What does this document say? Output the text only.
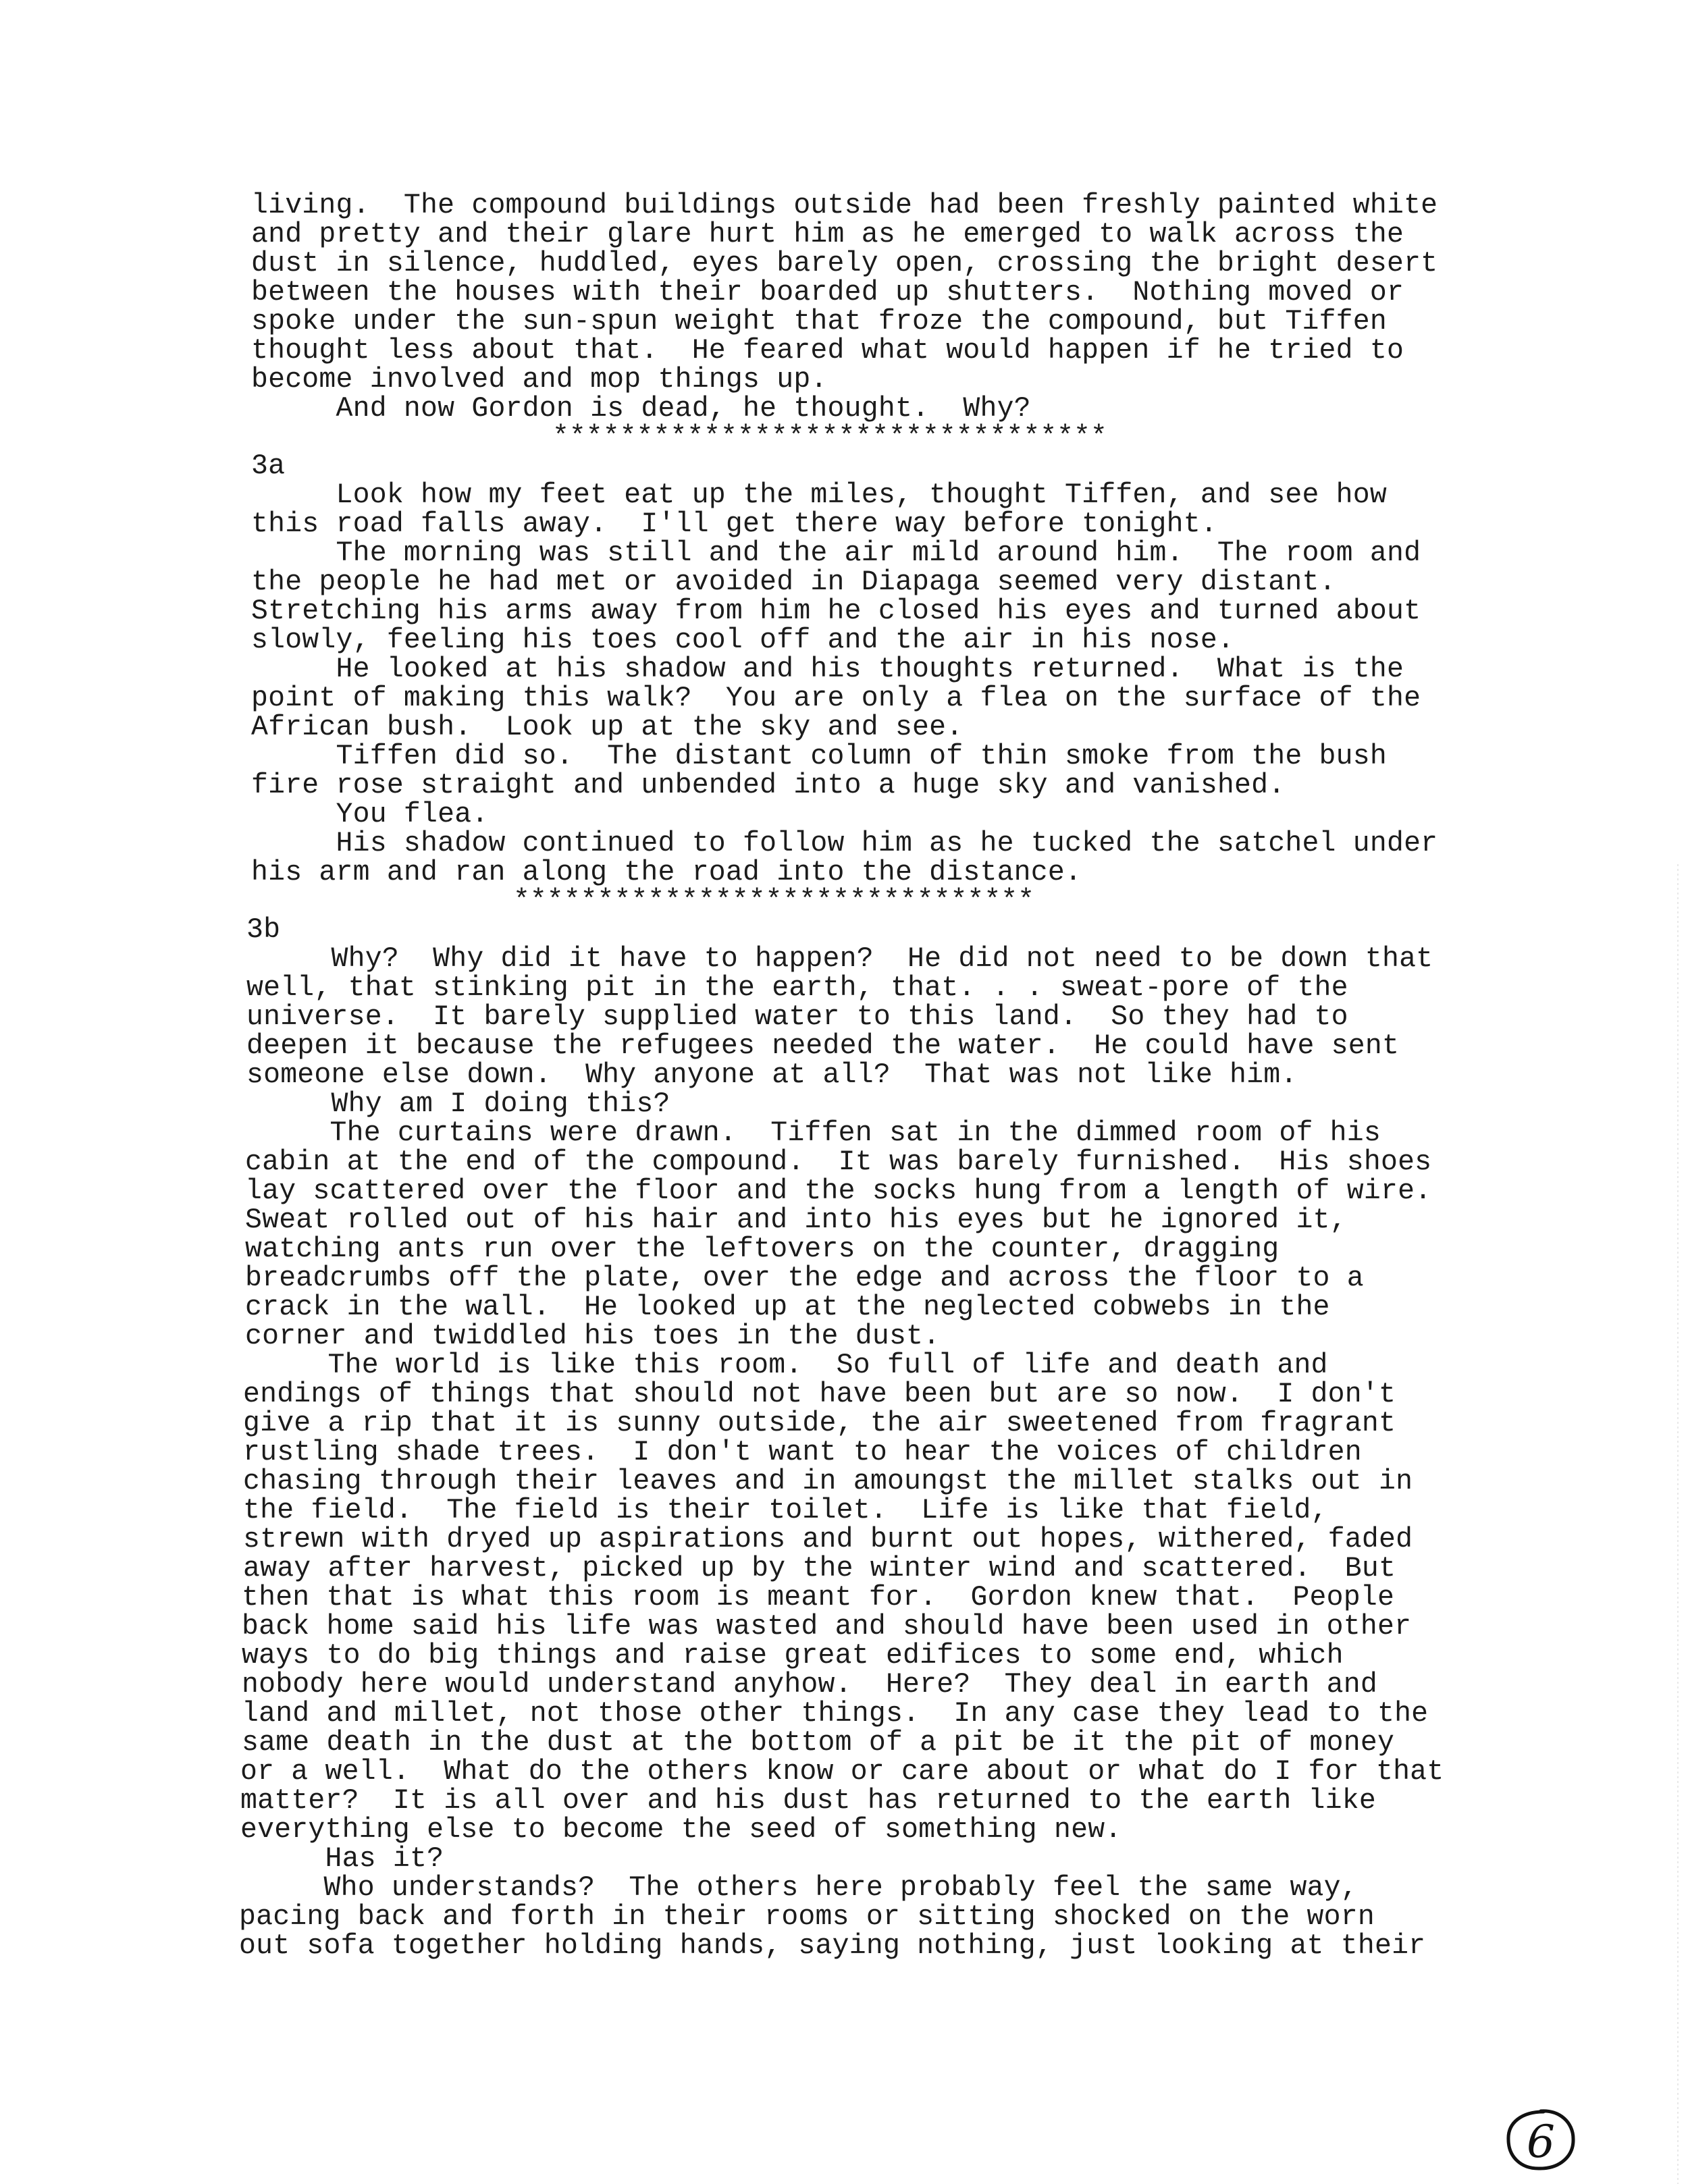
living.  The compound buildings outside had been freshly painted white

and pretty and their glare hurt him as he emerged to walk across the

dust in silence, huddled, eyes barely open, crossing the bright desert

between the houses with their boarded up shutters.  Nothing moved or

spoke under the sun-spun weight that froze the compound, but Tiffen

thought less about that.  He feared what would happen if he tried to

become involved and mop things up.

And now Gordon is dead, he thought.  Why?

*********************************

3a

Look how my feet eat up the miles, thought Tiffen, and see how

this road falls away.  I'll get there way before tonight.

The morning was still and the air mild around him.  The room and

the people he had met or avoided in Diapaga seemed very distant.

Stretching his arms away from him he closed his eyes and turned about

slowly, feeling his toes cool off and the air in his nose.

He looked at his shadow and his thoughts returned.  What is the

point of making this walk?  You are only a flea on the surface of the

African bush.  Look up at the sky and see.

Tiffen did so.  The distant column of thin smoke from the bush

fire rose straight and unbended into a huge sky and vanished.

You flea.

His shadow continued to follow him as he tucked the satchel under

his arm and ran along the road into the distance.

*******************************

3b

Why?  Why did it have to happen?  He did not need to be down that

well, that stinking pit in the earth, that. . . sweat-pore of the

universe.  It barely supplied water to this land.  So they had to

deepen it because the refugees needed the water.  He could have sent

someone else down.  Why anyone at all?  That was not like him.

Why am I doing this?

The curtains were drawn.  Tiffen sat in the dimmed room of his

cabin at the end of the compound.  It was barely furnished.  His shoes

lay scattered over the floor and the socks hung from a length of wire.

Sweat rolled out of his hair and into his eyes but he ignored it,

watching ants run over the leftovers on the counter, dragging

breadcrumbs off the plate, over the edge and across the floor to a

crack in the wall.  He looked up at the neglected cobwebs in the

corner and twiddled his toes in the dust.

The world is like this room.  So full of life and death and

endings of things that should not have been but are so now.  I don't

give a rip that it is sunny outside, the air sweetened from fragrant

rustling shade trees.  I don't want to hear the voices of children

chasing through their leaves and in amoungst the millet stalks out in

the field.  The field is their toilet.  Life is like that field,

strewn with dryed up aspirations and burnt out hopes, withered, faded

away after harvest, picked up by the winter wind and scattered.  But

then that is what this room is meant for.  Gordon knew that.  People

back home said his life was wasted and should have been used in other

ways to do big things and raise great edifices to some end, which

nobody here would understand anyhow.  Here?  They deal in earth and

land and millet, not those other things.  In any case they lead to the

same death in the dust at the bottom of a pit be it the pit of money

or a well.  What do the others know or care about or what do I for that

matter?  It is all over and his dust has returned to the earth like

everything else to become the seed of something new.

Has it?

Who understands?  The others here probably feel the same way,

pacing back and forth in their rooms or sitting shocked on the worn

out sofa together holding hands, saying nothing, just looking at their

6
